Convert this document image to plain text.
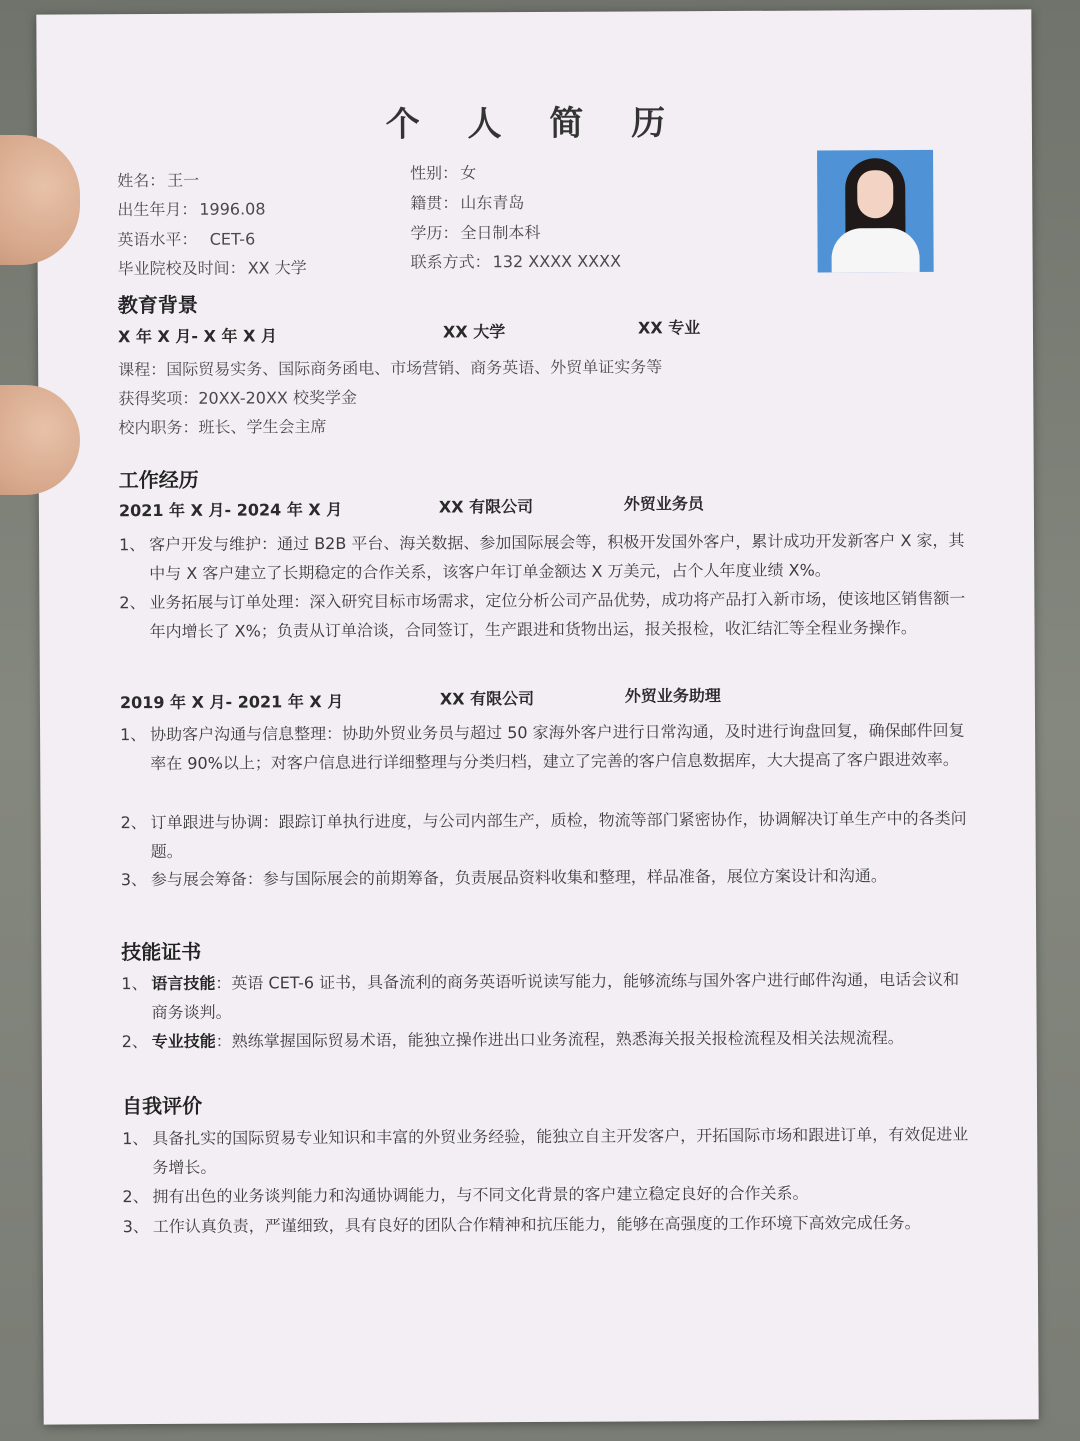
个 人 简 历
姓名： 王一	性别： 女
出生年月： 1996.08	籍贯： 山东青岛
英语水平： CET-6	学历： 全日制本科
毕业院校及时间： XX 大学	联系方式： 132 XXXX XXXX
教育背景
X 年 X 月- X 年 X 月	XX 大学	XX 专业
课程：国际贸易实务、国际商务函电、市场营销、商务英语、外贸单证实务等
获得奖项：20XX-20XX 校奖学金
校内职务：班长、学生会主席
工作经历
2021 年 X 月- 2024 年 X 月	XX 有限公司	外贸业务员
1、 客户开发与维护：通过 B2B 平台、海关数据、参加国际展会等，积极开发国外客户，累计成功开发新客户 X 家，其中与 X 客户建立了长期稳定的合作关系，该客户年订单金额达 X 万美元，占个人年度业绩 X%。
2、 业务拓展与订单处理：深入研究目标市场需求，定位分析公司产品优势，成功将产品打入新市场，使该地区销售额一年内增长了 X%；负责从订单洽谈，合同签订，生产跟进和货物出运，报关报检，收汇结汇等全程业务操作。
2019 年 X 月- 2021 年 X 月	XX 有限公司	外贸业务助理
1、 协助客户沟通与信息整理：协助外贸业务员与超过 50 家海外客户进行日常沟通，及时进行询盘回复，确保邮件回复率在 90%以上；对客户信息进行详细整理与分类归档，建立了完善的客户信息数据库，大大提高了客户跟进效率。
2、 订单跟进与协调：跟踪订单执行进度，与公司内部生产，质检，物流等部门紧密协作，协调解决订单生产中的各类问题。
3、 参与展会筹备：参与国际展会的前期筹备，负责展品资料收集和整理，样品准备，展位方案设计和沟通。
技能证书
1、 语言技能：英语 CET-6 证书，具备流利的商务英语听说读写能力，能够流练与国外客户进行邮件沟通，电话会议和商务谈判。
2、 专业技能：熟练掌握国际贸易术语，能独立操作进出口业务流程，熟悉海关报关报检流程及相关法规流程。
自我评价
1、 具备扎实的国际贸易专业知识和丰富的外贸业务经验，能独立自主开发客户，开拓国际市场和跟进订单，有效促进业务增长。
2、 拥有出色的业务谈判能力和沟通协调能力，与不同文化背景的客户建立稳定良好的合作关系。
3、 工作认真负责，严谨细致，具有良好的团队合作精神和抗压能力，能够在高强度的工作环境下高效完成任务。
